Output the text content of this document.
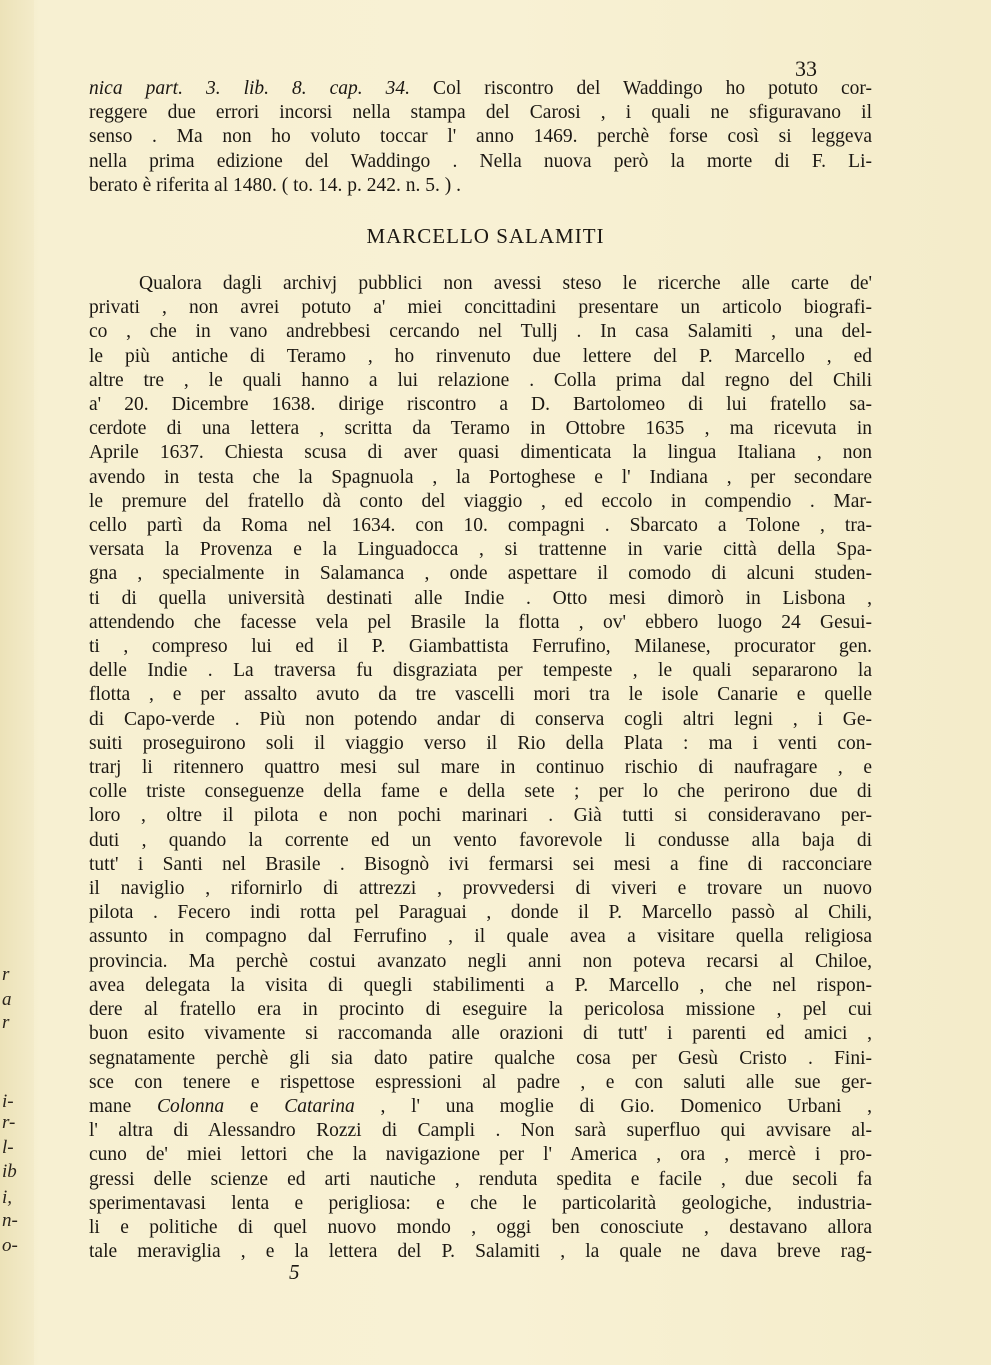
r
a
r
i-
r-
l-
ib
i,
n-
o-
33
nica part. 3. lib. 8. cap. 34. Col riscontro del Waddingo ho potuto cor-
reggere due errori incorsi nella stampa del Carosi , i quali ne sfiguravano il
senso . Ma non ho voluto toccar l' anno 1469. perchè forse così si leggeva
nella prima edizione del Waddingo . Nella nuova però la morte di F. Li-
berato è riferita al 1480. ( to. 14. p. 242. n. 5. ) .
MARCELLO SALAMITI
Qualora dagli archivj pubblici non avessi steso le ricerche alle carte de'
privati , non avrei potuto a' miei concittadini presentare un articolo biografi-
co , che in vano andrebbesi cercando nel Tullj . In casa Salamiti , una del-
le più antiche di Teramo , ho rinvenuto due lettere del P. Marcello , ed
altre tre , le quali hanno a lui relazione . Colla prima dal regno del Chili
a' 20. Dicembre 1638. dirige riscontro a D. Bartolomeo di lui fratello sa-
cerdote di una lettera , scritta da Teramo in Ottobre 1635 , ma ricevuta in
Aprile 1637. Chiesta scusa di aver quasi dimenticata la lingua Italiana , non
avendo in testa che la Spagnuola , la Portoghese e l' Indiana , per secondare
le premure del fratello dà conto del viaggio , ed eccolo in compendio . Mar-
cello partì da Roma nel 1634. con 10. compagni . Sbarcato a Tolone , tra-
versata la Provenza e la Linguadocca , si trattenne in varie città della Spa-
gna , specialmente in Salamanca , onde aspettare il comodo di alcuni studen-
ti di quella università destinati alle Indie . Otto mesi dimorò in Lisbona ,
attendendo che facesse vela pel Brasile la flotta , ov' ebbero luogo 24 Gesui-
ti , compreso lui ed il P. Giambattista Ferrufino, Milanese, procurator gen.
delle Indie . La traversa fu disgraziata per tempeste , le quali separarono la
flotta , e per assalto avuto da tre vascelli mori tra le isole Canarie e quelle
di Capo-verde . Più non potendo andar di conserva cogli altri legni , i Ge-
suiti proseguirono soli il viaggio verso il Rio della Plata : ma i venti con-
trarj li ritennero quattro mesi sul mare in continuo rischio di naufragare , e
colle triste conseguenze della fame e della sete ; per lo che perirono due di
loro , oltre il pilota e non pochi marinari . Già tutti si consideravano per-
duti , quando la corrente ed un vento favorevole li condusse alla baja di
tutt' i Santi nel Brasile . Bisognò ivi fermarsi sei mesi a fine di racconciare
il naviglio , rifornirlo di attrezzi , provvedersi di viveri e trovare un nuovo
pilota . Fecero indi rotta pel Paraguai , donde il P. Marcello passò al Chili,
assunto in compagno dal Ferrufino , il quale avea a visitare quella religiosa
provincia. Ma perchè costui avanzato negli anni non poteva recarsi al Chiloe,
avea delegata la visita di quegli stabilimenti a P. Marcello , che nel rispon-
dere al fratello era in procinto di eseguire la pericolosa missione , pel cui
buon esito vivamente si raccomanda alle orazioni di tutt' i parenti ed amici ,
segnatamente perchè gli sia dato patire qualche cosa per Gesù Cristo . Fini-
sce con tenere e rispettose espressioni al padre , e con saluti alle sue ger-
mane Colonna e Catarina , l' una moglie di Gio. Domenico Urbani ,
l' altra di Alessandro Rozzi di Campli . Non sarà superfluo qui avvisare al-
cuno de' miei lettori che la navigazione per l' America , ora , mercè i pro-
gressi delle scienze ed arti nautiche , renduta spedita e facile , due secoli fa
sperimentavasi lenta e perigliosa: e che le particolarità geologiche, industria-
li e politiche di quel nuovo mondo , oggi ben conosciute , destavano allora
tale meraviglia , e la lettera del P. Salamiti , la quale ne dava breve rag-
5
